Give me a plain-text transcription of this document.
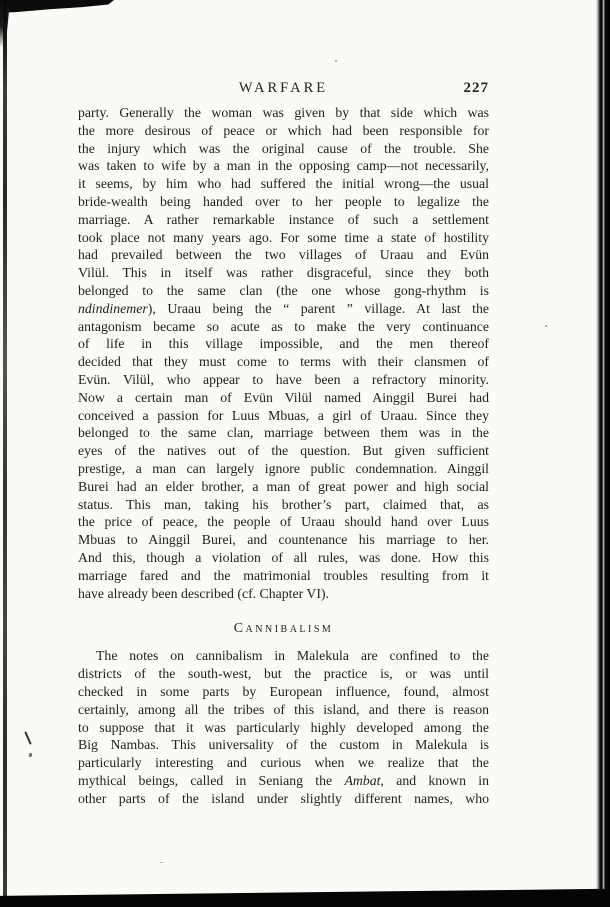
WARFARE	227
party. Generally the woman was given by that side which was
the more desirous of peace or which had been responsible for
the injury which was the original cause of the trouble. She
was taken to wife by a man in the opposing camp—not necessarily,
it seems, by him who had suffered the initial wrong—the usual
bride-wealth being handed over to her people to legalize the
marriage. A rather remarkable instance of such a settlement
took place not many years ago. For some time a state of hostility
had prevailed between the two villages of Uraau and Evün
Vilül. This in itself was rather disgraceful, since they both
belonged to the same clan (the one whose gong-rhythm is
ndindinemer), Uraau being the “ parent ” village. At last the
antagonism became so acute as to make the very continuance
of life in this village impossible, and the men thereof
decided that they must come to terms with their clansmen of
Evün. Vilül, who appear to have been a refractory minority.
Now a certain man of Evün Vilül named Ainggil Burei had
conceived a passion for Luus Mbuas, a girl of Uraau. Since they
belonged to the same clan, marriage between them was in the
eyes of the natives out of the question. But given sufficient
prestige, a man can largely ignore public condemnation. Ainggil
Burei had an elder brother, a man of great power and high social
status. This man, taking his brother’s part, claimed that, as
the price of peace, the people of Uraau should hand over Luus
Mbuas to Ainggil Burei, and countenance his marriage to her.
And this, though a violation of all rules, was done. How this
marriage fared and the matrimonial troubles resulting from it
have already been described (cf. Chapter VI).
Cannibalism
The notes on cannibalism in Malekula are confined to the
districts of the south-west, but the practice is, or was until
checked in some parts by European influence, found, almost
certainly, among all the tribes of this island, and there is reason
to suppose that it was particularly highly developed among the
Big Nambas. This universality of the custom in Malekula is
particularly interesting and curious when we realize that the
mythical beings, called in Seniang the Ambat, and known in
other parts of the island under slightly different names, who
